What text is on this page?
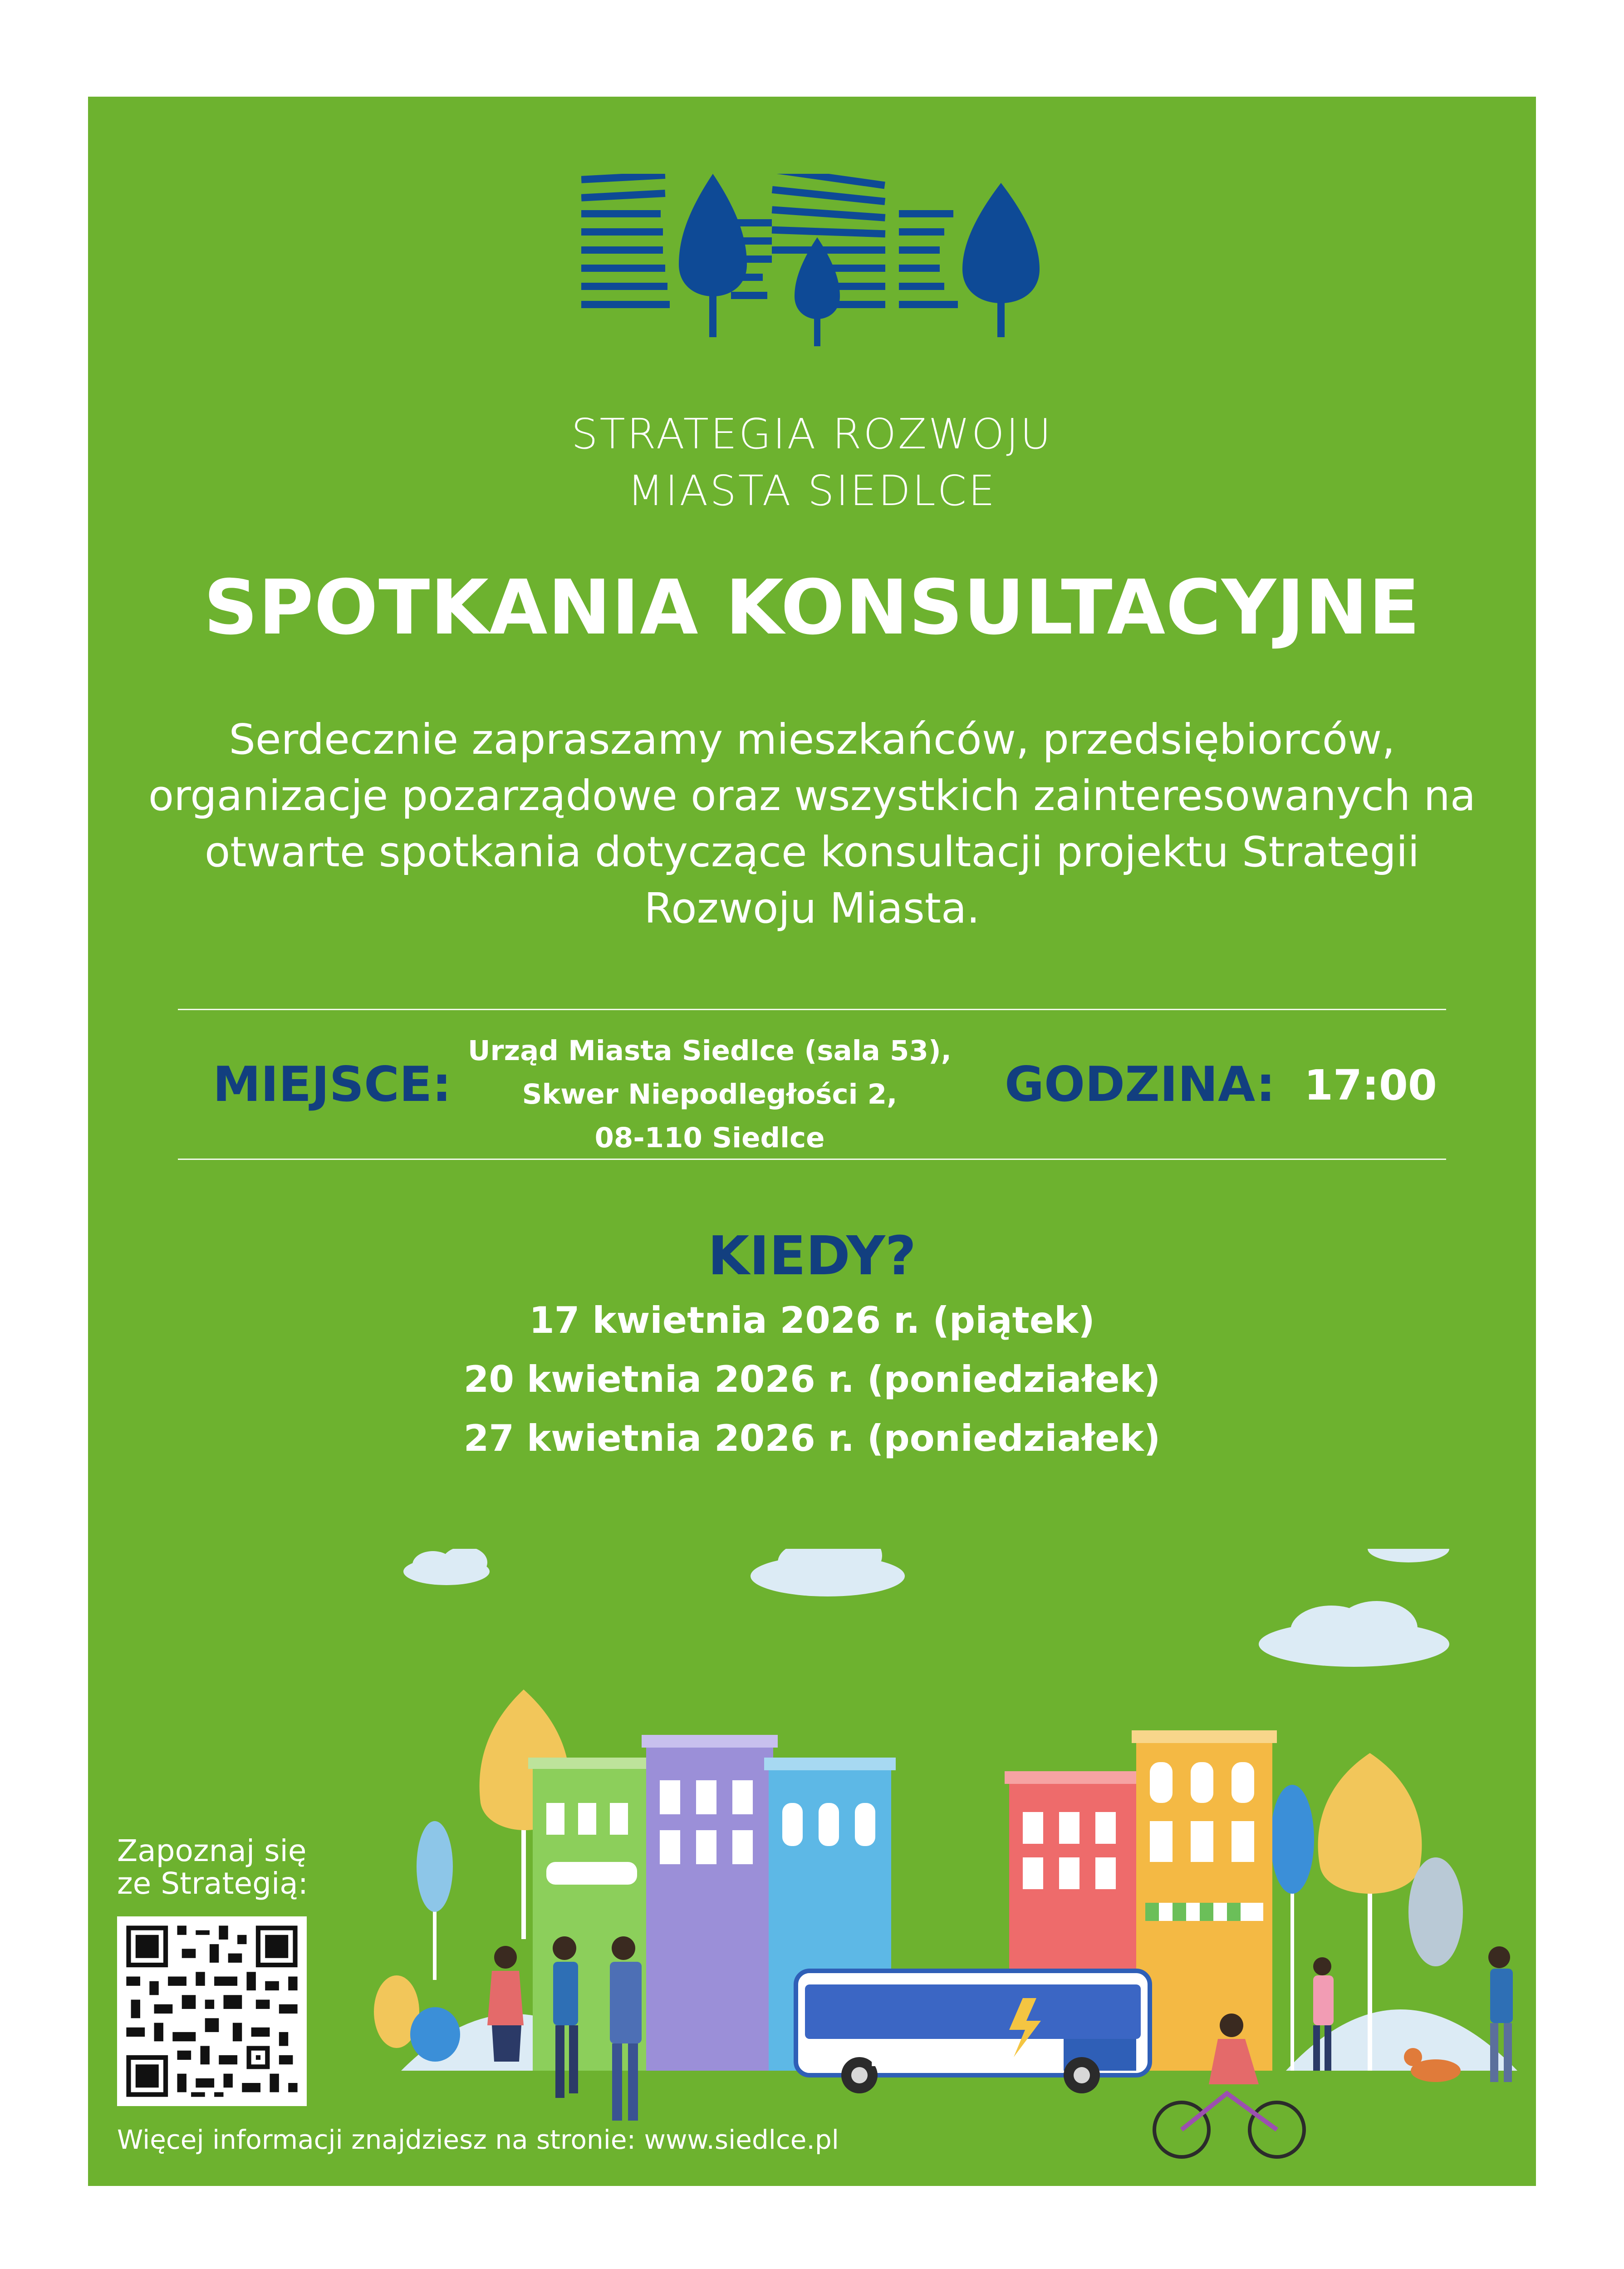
STRATEGIA ROZWOJU
MIASTA SIEDLCE
SPOTKANIA KONSULTACYJNE
Serdecznie zapraszamy mieszkańców, przedsiębiorców, organizacje pozarządowe oraz wszystkich zainteresowanych na otwarte spotkania dotyczące konsultacji projektu Strategii Rozwoju Miasta.
MIEJSCE:
Urząd Miasta Siedlce (sala 53),
Skwer Niepodległości 2,
08-110 Siedlce
GODZINA: 17:00
KIEDY?
17 kwietnia 2026 r. (piątek)
20 kwietnia 2026 r. (poniedziałek)
27 kwietnia 2026 r. (poniedziałek)
ELECTRIC
Zapoznaj się
ze Strategią:
Więcej informacji znajdziesz na stronie: www.siedlce.pl
